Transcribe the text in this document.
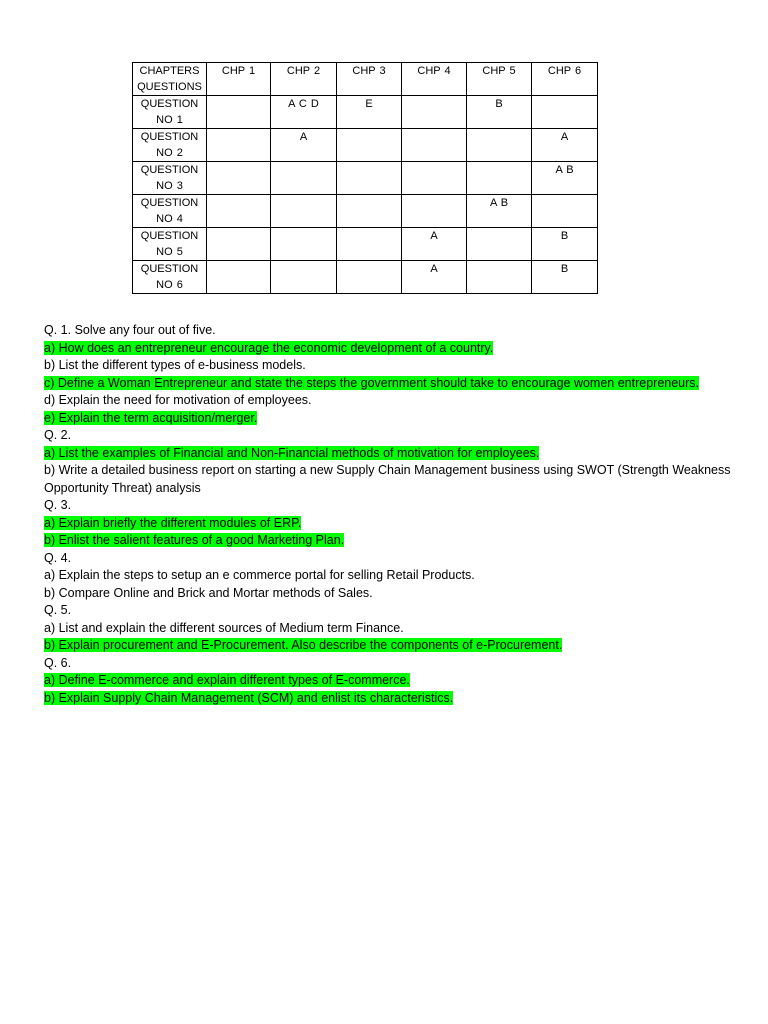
CHAPTERS QUESTIONS	CHP 1	CHP 2	CHP 3	CHP 4	CHP 5	CHP 6
QUESTION NO 1		A C D	E		B	
QUESTION NO 2		A				A
QUESTION NO 3						A B
QUESTION NO 4					A B	
QUESTION NO 5				A		B
QUESTION NO 6				A		B
Q. 1. Solve any four out of five.
a) How does an entrepreneur encourage the economic development of a country.
b) List the different types of e-business models.
c) Define a Woman Entrepreneur and state the steps the government should take to encourage women entrepreneurs.
d) Explain the need for motivation of employees.
e) Explain the term acquisition/merger.
Q. 2.
a) List the examples of Financial and Non-Financial methods of motivation for employees.
b) Write a detailed business report on starting a new Supply Chain Management business using SWOT (Strength Weakness Opportunity Threat) analysis
Q. 3.
a) Explain briefly the different modules of ERP.
b) Enlist the salient features of a good Marketing Plan.
Q. 4.
a) Explain the steps to setup an e commerce portal for selling Retail Products.
b) Compare Online and Brick and Mortar methods of Sales.
Q. 5.
a) List and explain the different sources of Medium term Finance.
b) Explain procurement and E-Procurement. Also describe the components of e-Procurement.
Q. 6.
a) Define E-commerce and explain different types of E-commerce.
b) Explain Supply Chain Management (SCM) and enlist its characteristics.
